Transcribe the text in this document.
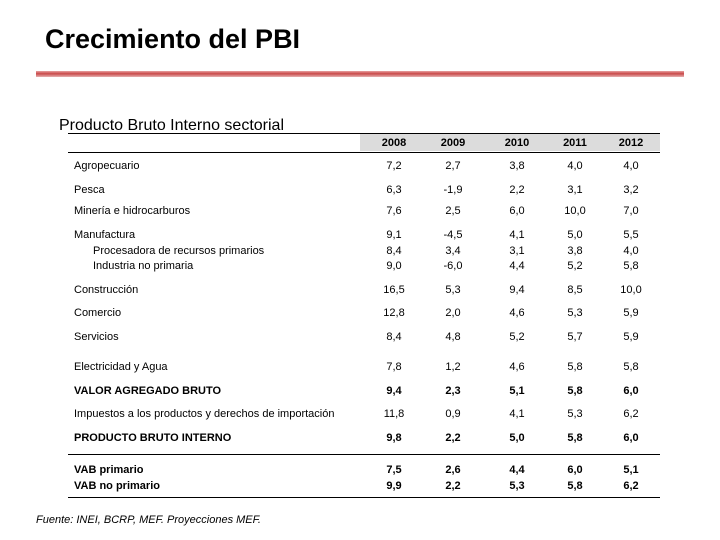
Crecimiento del PBI
Producto Bruto Interno sectorial
2008	2009	2010	2011	2012
Agropecuario	7,2	2,7	3,8	4,0	4,0
Pesca	6,3	-1,9	2,2	3,1	3,2
Minería e hidrocarburos	7,6	2,5	6,0	10,0	7,0
Manufactura	9,1	-4,5	4,1	5,0	5,5
Procesadora de recursos primarios	8,4	3,4	3,1	3,8	4,0
Industria no primaria	9,0	-6,0	4,4	5,2	5,8
Construcción	16,5	5,3	9,4	8,5	10,0
Comercio	12,8	2,0	4,6	5,3	5,9
Servicios	8,4	4,8	5,2	5,7	5,9
Electricidad y Agua	7,8	1,2	4,6	5,8	5,8
VALOR AGREGADO BRUTO	9,4	2,3	5,1	5,8	6,0
Impuestos a los productos y derechos de importación	11,8	0,9	4,1	5,3	6,2
PRODUCTO BRUTO INTERNO	9,8	2,2	5,0	5,8	6,0
VAB primario	7,5	2,6	4,4	6,0	5,1
VAB no primario	9,9	2,2	5,3	5,8	6,2
Fuente: INEI, BCRP, MEF. Proyecciones MEF.
